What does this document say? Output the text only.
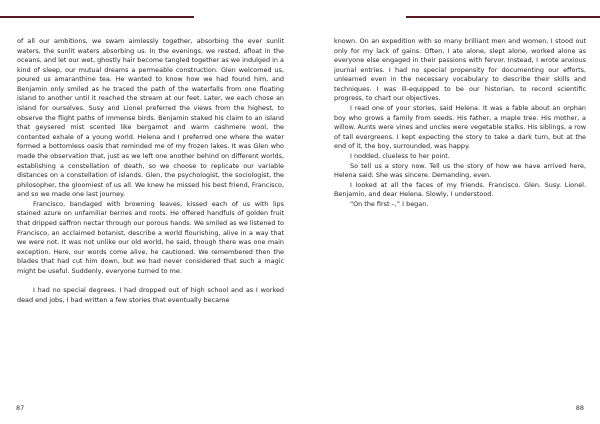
of all our ambitions, we swam aimlessly together, absorbing the ever sunlit waters, the sunlit waters absorbing us. In the evenings, we rested, afloat in the oceans, and let our wet, ghostly hair become tangled together as we indulged in a kind of sleep, our mutual dreams a permeable construction. Glen welcomed us, poured us amaranthine tea. He wanted to know how we had found him, and Benjamin only smiled as he traced the path of the waterfalls from one floating island to another until it reached the stream at our feet. Later, we each chose an island for ourselves. Susy and Lionel preferred the views from the highest, to observe the flight paths of immense birds. Benjamin staked his claim to an island that geysered mist scented like bergamot and warm cashmere wool, the contented exhale of a young world. Helena and I preferred one where the water formed a bottomless oasis that reminded me of my frozen lakes. It was Glen who made the observation that, just as we left one another behind on different worlds, establishing a constellation of death, so we choose to replicate our variable distances on a constellation of islands. Glen, the psychologist, the sociologist, the philosopher, the gloomiest of us all. We knew he missed his best friend, Francisco, and so we made one last journey.

Francisco, bandaged with browning leaves, kissed each of us with lips stained azure on unfamiliar berries and roots. He offered handfuls of golden fruit that dripped saffron nectar through our porous hands. We smiled as we listened to Francisco, an acclaimed botanist, describe a world flourishing, alive in a way that we were not. It was not unlike our old world, he said, though there was one main exception. Here, our words come alive, he cautioned. We remembered then the blades that had cut him down, but we had never considered that such a magic might be useful. Suddenly, everyone turned to me.

I had no special degrees. I had dropped out of high school and as I worked dead end jobs, I had written a few stories that eventually became

87

known. On an expedition with so many brilliant men and women, I stood out only for my lack of gains. Often, I ate alone, slept alone, worked alone as everyone else engaged in their passions with fervor. Instead, I wrote anxious journal entries. I had no special propensity for documenting our efforts, unlearned even in the necessary vocabulary to describe their skills and techniques. I was ill-equipped to be our historian, to record scientific progress, to chart our objectives.

I read one of your stories, said Helena. It was a fable about an orphan boy who grows a family from seeds. His father, a maple tree. His mother, a willow. Aunts were vines and uncles were vegetable stalks. His siblings, a row of tall evergreens. I kept expecting the story to take a dark turn, but at the end of it, the boy, surrounded, was happy.

I nodded, clueless to her point.

So tell us a story now. Tell us the story of how we have arrived here, Helena said. She was sincere. Demanding, even.

I looked at all the faces of my friends. Francisco. Glen. Susy. Lionel. Benjamin, and dear Helena. Slowly, I understood.

“On the first –,” I began.

88
